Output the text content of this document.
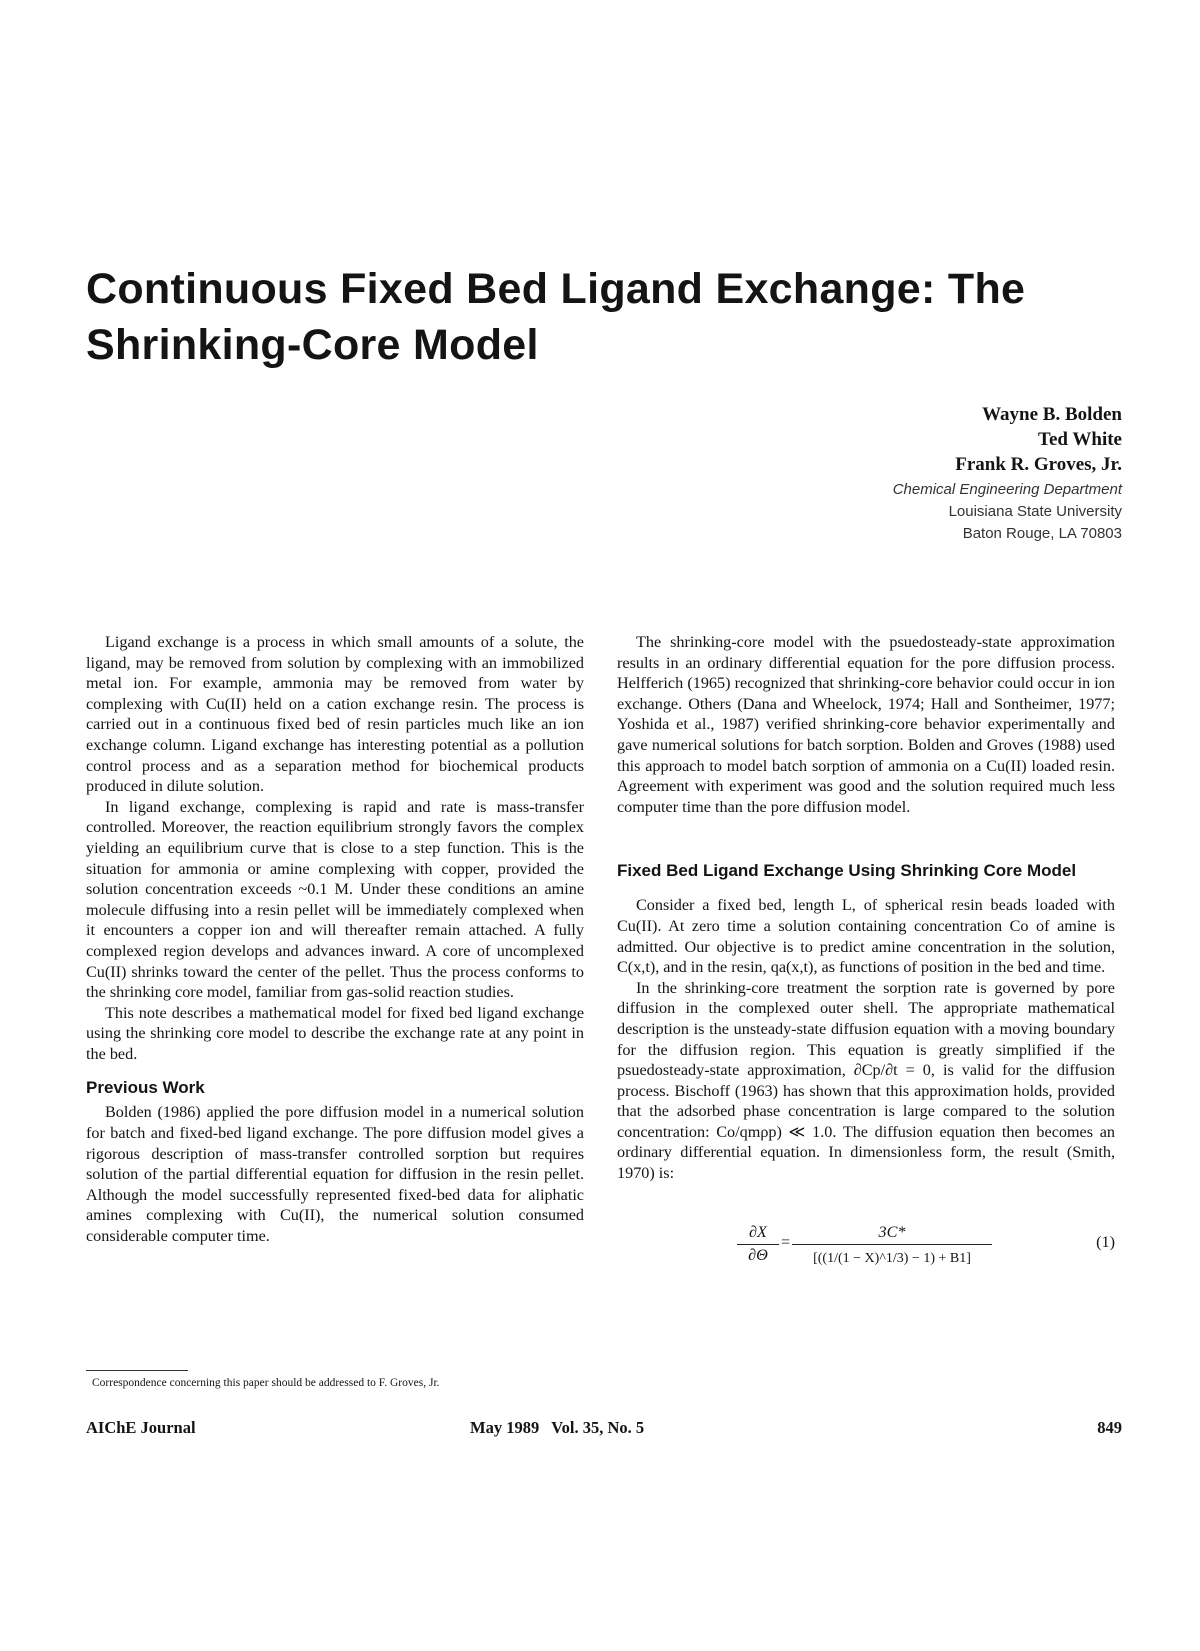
Continuous Fixed Bed Ligand Exchange: The Shrinking-Core Model
Wayne B. Bolden
Ted White
Frank R. Groves, Jr.
Chemical Engineering Department
Louisiana State University
Baton Rouge, LA 70803

Ligand exchange is a process in which small amounts of a solute, the ligand, may be removed from solution by complexing with an immobilized metal ion. For example, ammonia may be removed from water by complexing with Cu(II) held on a cation exchange resin. The process is carried out in a continuous fixed bed of resin particles much like an ion exchange column. Ligand exchange has interesting potential as a pollution control process and as a separation method for biochemical products produced in dilute solution.

In ligand exchange, complexing is rapid and rate is mass-transfer controlled. Moreover, the reaction equilibrium strongly favors the complex yielding an equilibrium curve that is close to a step function. This is the situation for ammonia or amine complexing with copper, provided the solution concentration exceeds ~0.1 M. Under these conditions an amine molecule diffusing into a resin pellet will be immediately complexed when it encounters a copper ion and will thereafter remain attached. A fully complexed region develops and advances inward. A core of uncomplexed Cu(II) shrinks toward the center of the pellet. Thus the process conforms to the shrinking core model, familiar from gas-solid reaction studies.

This note describes a mathematical model for fixed bed ligand exchange using the shrinking core model to describe the exchange rate at any point in the bed.

Previous Work

Bolden (1986) applied the pore diffusion model in a numerical solution for batch and fixed-bed ligand exchange. The pore diffusion model gives a rigorous description of mass-transfer controlled sorption but requires solution of the partial differential equation for diffusion in the resin pellet. Although the model successfully represented fixed-bed data for aliphatic amines complexing with Cu(II), the numerical solution consumed considerable computer time.

The shrinking-core model with the psuedosteady-state approximation results in an ordinary differential equation for the pore diffusion process. Helfferich (1965) recognized that shrinking-core behavior could occur in ion exchange. Others (Dana and Wheelock, 1974; Hall and Sontheimer, 1977; Yoshida et al., 1987) verified shrinking-core behavior experimentally and gave numerical solutions for batch sorption. Bolden and Groves (1988) used this approach to model batch sorption of ammonia on a Cu(II) loaded resin. Agreement with experiment was good and the solution required much less computer time than the pore diffusion model.

Fixed Bed Ligand Exchange Using Shrinking Core Model

Consider a fixed bed, length L, of spherical resin beads loaded with Cu(II). At zero time a solution containing concentration Co of amine is admitted. Our objective is to predict amine concentration in the solution, C(x,t), and in the resin, qa(x,t), as functions of position in the bed and time.

In the shrinking-core treatment the sorption rate is governed by pore diffusion in the complexed outer shell. The appropriate mathematical description is the unsteady-state diffusion equation with a moving boundary for the diffusion region. This equation is greatly simplified if the psuedosteady-state approximation, ∂Cp/∂t = 0, is valid for the diffusion process. Bischoff (1963) has shown that this approximation holds, provided that the adsorbed phase concentration is large compared to the solution concentration: Co/qmρp) ≪ 1.0. The diffusion equation then becomes an ordinary differential equation. In dimensionless form, the result (Smith, 1970) is:

$\frac{\partial X}{\partial\Theta} = \frac{3C*}{[((1/(1 - X)\^{}1/3) - 1) + B1]}$	(1)
Correspondence concerning this paper should be addressed to F. Groves, Jr.
AIChE Journal	May 1989   Vol. 35, No. 5	849
